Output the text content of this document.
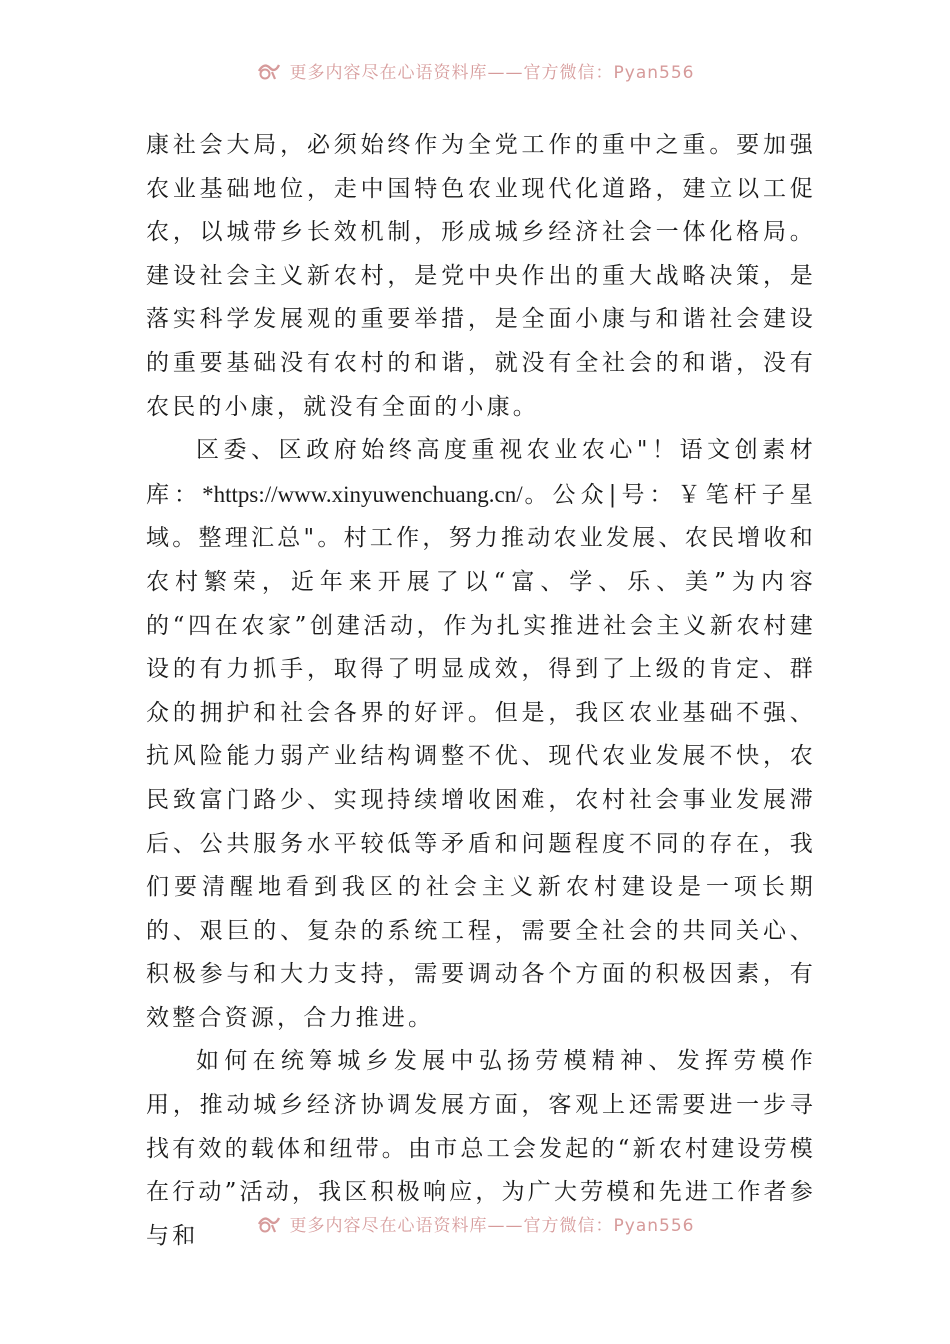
更多内容尽在心语资料库——官方微信：Pyan556

康社会大局，必须始终作为全党工作的重中之重。要加强农业基础地位，走中国特色农业现代化道路，建立以工促农，以城带乡长效机制，形成城乡经济社会一体化格局。建设社会主义新农村，是党中央作出的重大战略决策，是落实科学发展观的重要举措，是全面小康与和谐社会建设的重要基础没有农村的和谐，就没有全社会的和谐，没有农民的小康，就没有全面的小康。

区委、区政府始终高度重视农业农心"！语文创素材库：*https://www.xinyuwenchuang.cn/。公众|号：￥笔杆子星域。整理汇总"。村工作，努力推动农业发展、农民增收和农村繁荣，近年来开展了以“富、学、乐、美”为内容的“四在农家”创建活动，作为扎实推进社会主义新农村建设的有力抓手，取得了明显成效，得到了上级的肯定、群众的拥护和社会各界的好评。但是，我区农业基础不强、抗风险能力弱产业结构调整不优、现代农业发展不快，农民致富门路少、实现持续增收困难，农村社会事业发展滞后、公共服务水平较低等矛盾和问题程度不同的存在，我们要清醒地看到我区的社会主义新农村建设是一项长期的、艰巨的、复杂的系统工程，需要全社会的共同关心、积极参与和大力支持，需要调动各个方面的积极因素，有效整合资源，合力推进。

如何在统筹城乡发展中弘扬劳模精神、发挥劳模作用，推动城乡经济协调发展方面，客观上还需要进一步寻找有效的载体和纽带。由市总工会发起的“新农村建设劳模在行动”活动，我区积极响应，为广大劳模和先进工作者参与和	更多内容尽在心语资料库——官方微信：Pyan556
